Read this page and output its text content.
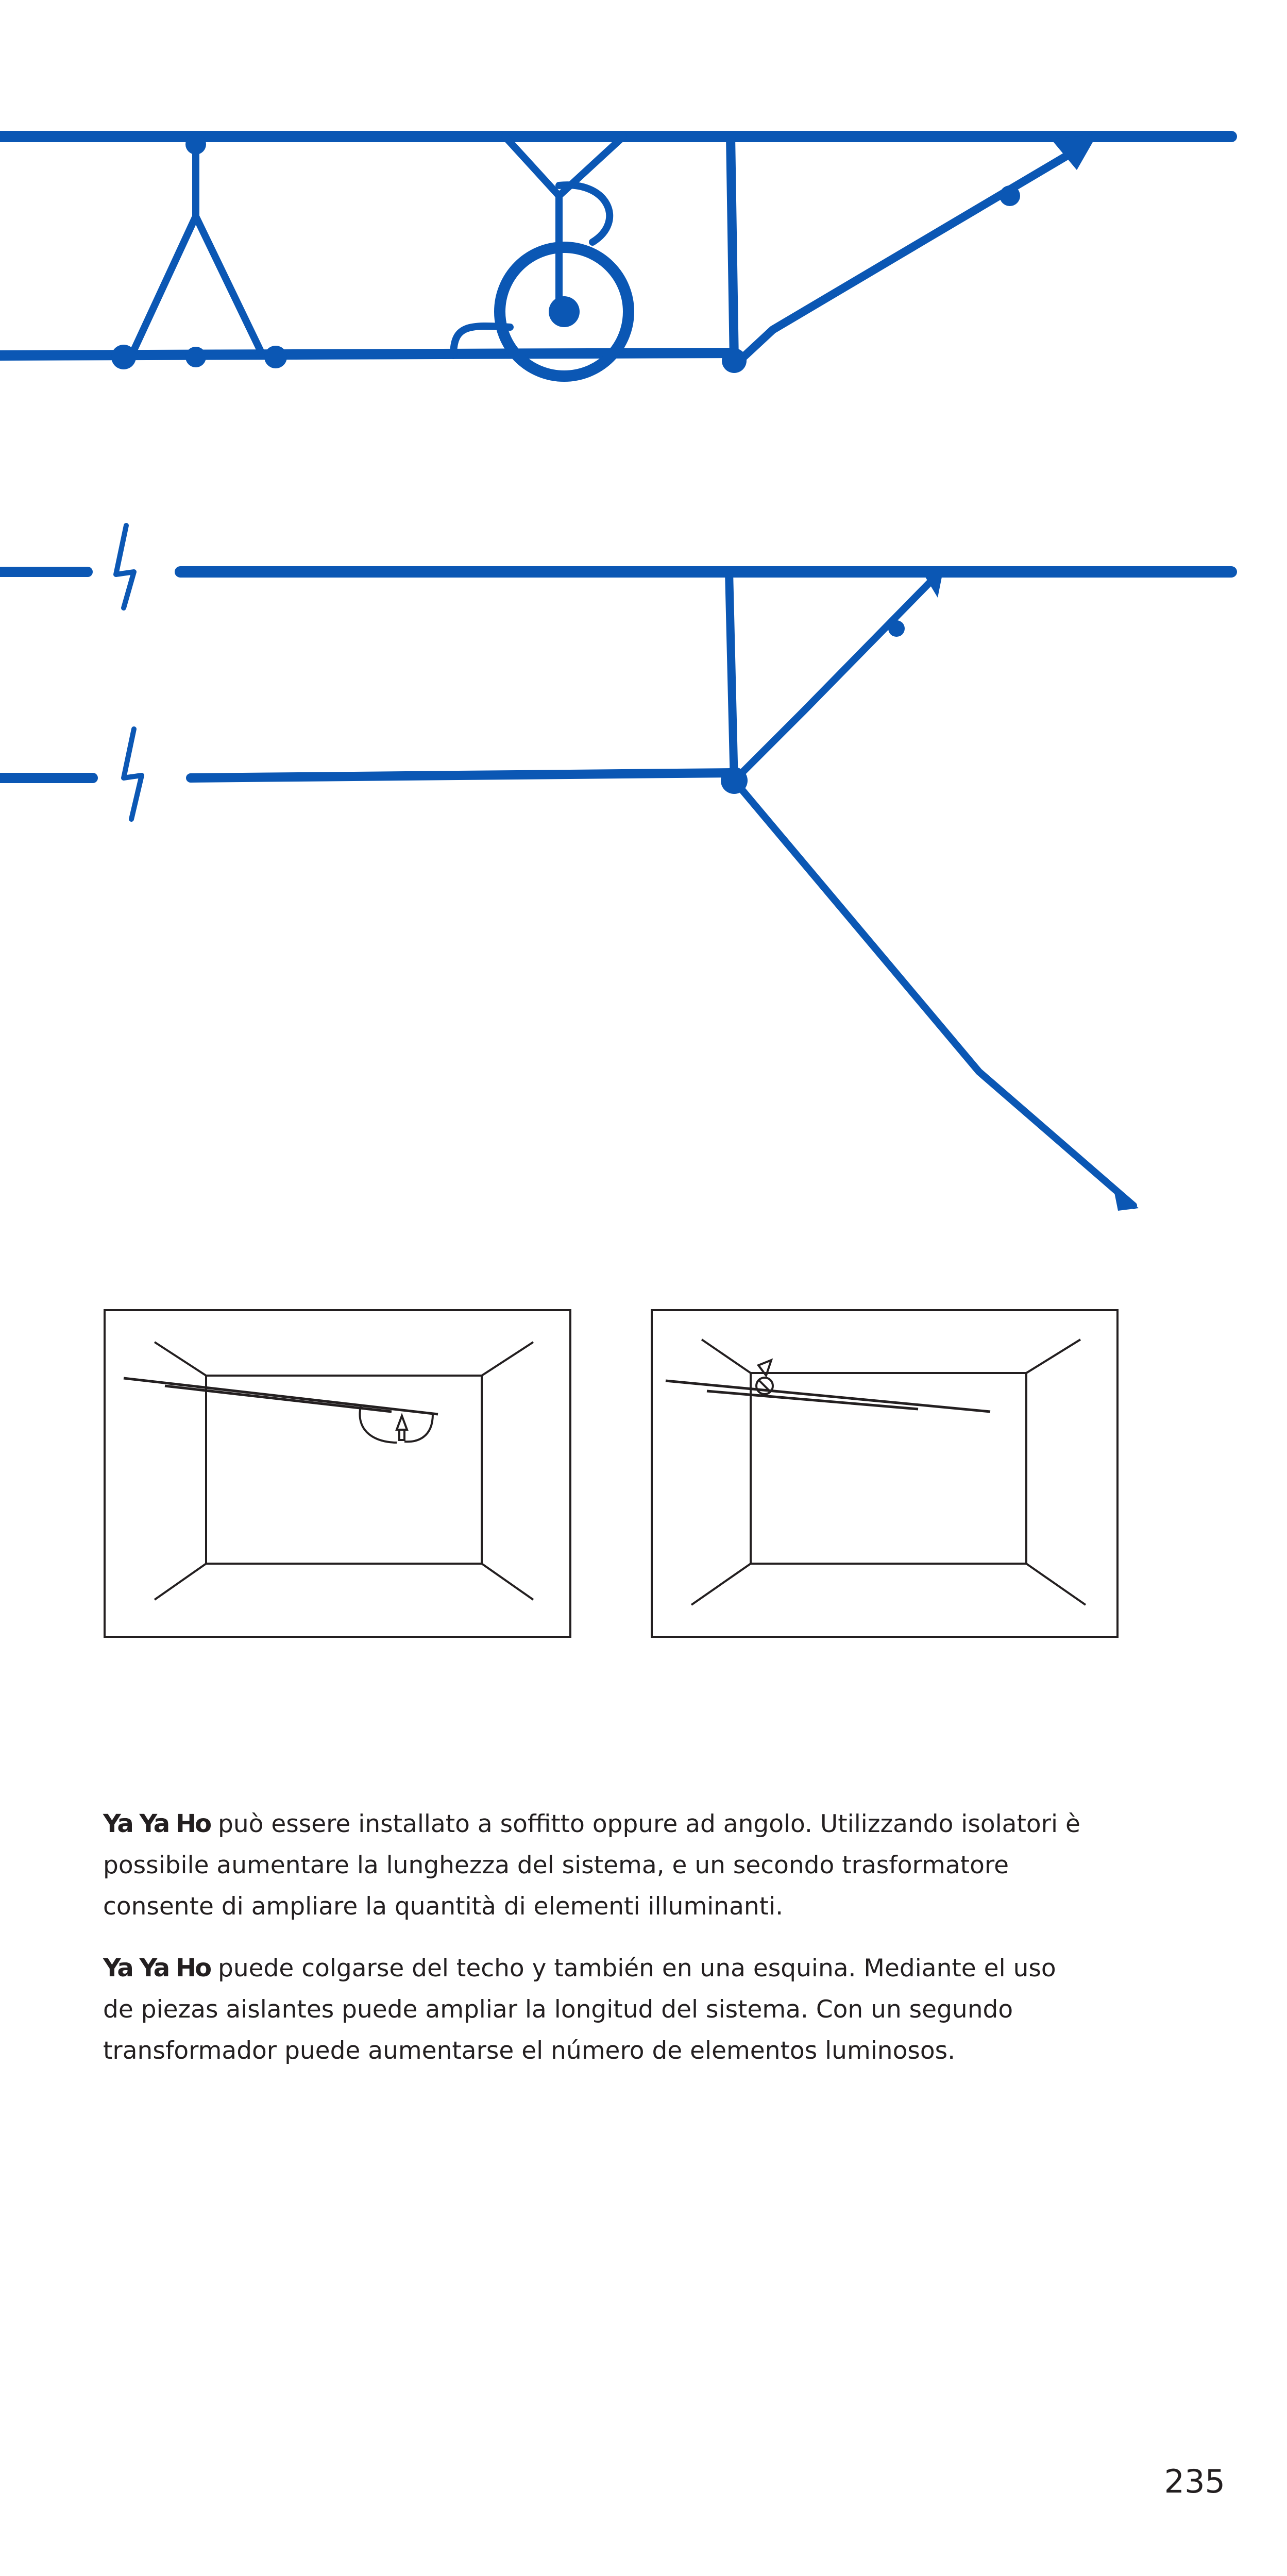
Ya Ya Ho può essere installato a soffitto oppure ad angolo. Utilizzando isolatori è possibile aumentare la lunghezza del sistema, e un secondo trasformatore consente di ampliare la quantità di elementi illuminanti.

Ya Ya Ho puede colgarse del techo y también en una esquina. Mediante el uso de piezas aislantes puede ampliar la longitud del sistema. Con un segundo transformador puede aumentarse el número de elementos luminosos.

235
